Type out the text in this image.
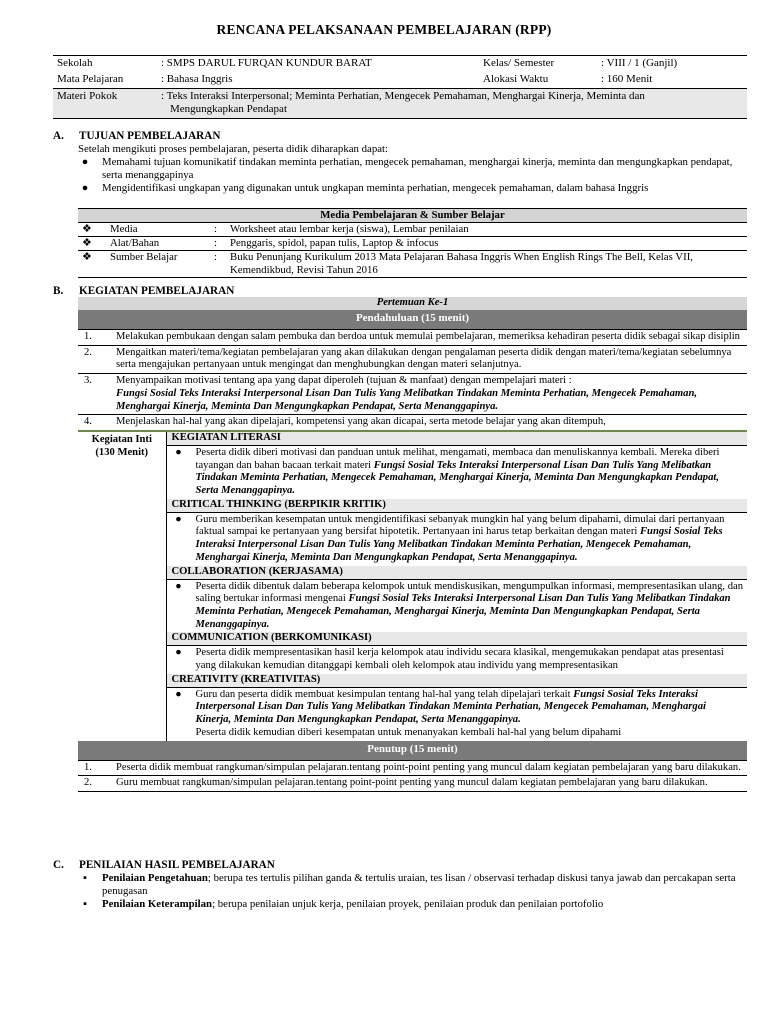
RENCANA PELAKSANAAN PEMBELAJARAN (RPP)
Sekolah	: SMPS DARUL FURQAN KUNDUR BARAT	Kelas/ Semester	: VIII / 1 (Ganjil)
Mata Pelajaran	: Bahasa Inggris	Alokasi Waktu	: 160 Menit
Materi Pokok	: Teks Interaksi Interpersonal; Meminta Perhatian, Mengecek Pemahaman, Menghargai Kinerja, Meminta dan
Mengungkapkan Pendapat		
A. TUJUAN PEMBELAJARAN
Setelah mengikuti proses pembelajaran, peserta didik diharapkan dapat:
●	Memahami tujuan komunikatif tindakan meminta perhatian, mengecek pemahaman, menghargai kinerja, meminta dan mengungkapkan pendapat, serta menanggapinya
●	Mengidentifikasi ungkapan yang digunakan untuk ungkapan meminta perhatian, mengecek pemahaman, dalam bahasa Inggris
Media Pembelajaran & Sumber Belajar			
❖	Media	:	Worksheet atau lembar kerja (siswa), Lembar penilaian
❖	Alat/Bahan	:	Penggaris, spidol, papan tulis, Laptop & infocus
❖	Sumber Belajar	:	Buku Penunjang Kurikulum 2013 Mata Pelajaran Bahasa Inggris When English Rings The Bell, Kelas VII, Kemendikbud, Revisi Tahun 2016
B. KEGIATAN PEMBELAJARAN
Pertemuan Ke-1
Pendahuluan (15 menit)

1.	Melakukan pembukaan dengan salam pembuka dan berdoa untuk memulai pembelajaran, memeriksa kehadiran peserta didik sebagai sikap disiplin
2.	Mengaitkan materi/tema/kegiatan pembelajaran yang akan dilakukan dengan pengalaman peserta didik dengan materi/tema/kegiatan sebelumnya serta mengajukan pertanyaan untuk mengingat dan menghubungkan dengan materi selanjutnya.
3.	Menyampaikan motivasi tentang apa yang dapat diperoleh (tujuan & manfaat) dengan mempelajari materi :
Fungsi Sosial Teks Interaksi Interpersonal Lisan Dan Tulis Yang Melibatkan Tindakan Meminta Perhatian, Mengecek Pemahaman, Menghargai Kinerja, Meminta Dan Mengungkapkan Pendapat, Serta Menanggapinya.
4.	Menjelaskan hal-hal yang akan dipelajari, kompetensi yang akan dicapai, serta metode belajar yang akan ditempuh,

Kegiatan Inti
(130 Menit)
	KEGIATAN LITERASI

●	Peserta didik diberi motivasi dan panduan untuk melihat, mengamati, membaca dan menuliskannya kembali. Mereka diberi tayangan dan bahan bacaan terkait materi Fungsi Sosial Teks Interaksi Interpersonal Lisan Dan Tulis Yang Melibatkan Tindakan Meminta Perhatian, Mengecek Pemahaman, Menghargai Kinerja, Meminta Dan Mengungkapkan Pendapat, Serta Menanggapinya.

CRITICAL THINKING (BERPIKIR KRITIK)

●	Guru memberikan kesempatan untuk mengidentifikasi sebanyak mungkin hal yang belum dipahami, dimulai dari pertanyaan faktual sampai ke pertanyaan yang bersifat hipotetik. Pertanyaan ini harus tetap berkaitan dengan materi Fungsi Sosial Teks Interaksi Interpersonal Lisan Dan Tulis Yang Melibatkan Tindakan Meminta Perhatian, Mengecek Pemahaman, Menghargai Kinerja, Meminta Dan Mengungkapkan Pendapat, Serta Menanggapinya.

COLLABORATION (KERJASAMA)

●	Peserta didik dibentuk dalam beberapa kelompok untuk mendiskusikan, mengumpulkan informasi, mempresentasikan ulang, dan saling bertukar informasi mengenai Fungsi Sosial Teks Interaksi Interpersonal Lisan Dan Tulis Yang Melibatkan Tindakan Meminta Perhatian, Mengecek Pemahaman, Menghargai Kinerja, Meminta Dan Mengungkapkan Pendapat, Serta Menanggapinya.

COMMUNICATION (BERKOMUNIKASI)

●	Peserta didik mempresentasikan hasil kerja kelompok atau individu secara klasikal, mengemukakan pendapat atas presentasi yang dilakukan kemudian ditanggapi kembali oleh kelompok atau individu yang mempresentasikan

CREATIVITY (KREATIVITAS)

●	Guru dan peserta didik membuat kesimpulan tentang hal-hal yang telah dipelajari terkait Fungsi Sosial Teks Interaksi Interpersonal Lisan Dan Tulis Yang Melibatkan Tindakan Meminta Perhatian, Mengecek Pemahaman, Menghargai Kinerja, Meminta Dan Mengungkapkan Pendapat, Serta Menanggapinya.
Peserta didik kemudian diberi kesempatan untuk menanyakan kembali hal-hal yang belum dipahami

Penutup (15 menit)

1.	Peserta didik membuat rangkuman/simpulan pelajaran.tentang point-point penting yang muncul dalam kegiatan pembelajaran yang baru dilakukan.
2.	Guru membuat rangkuman/simpulan pelajaran.tentang point-point penting yang muncul dalam kegiatan pembelajaran yang baru dilakukan.
C. PENILAIAN HASIL PEMBELAJARAN
▪	Penilaian Pengetahuan; berupa tes tertulis pilihan ganda & tertulis uraian, tes lisan / observasi terhadap diskusi tanya jawab dan percakapan serta penugasan
▪	Penilaian Keterampilan; berupa penilaian unjuk kerja, penilaian proyek, penilaian produk dan penilaian portofolio
